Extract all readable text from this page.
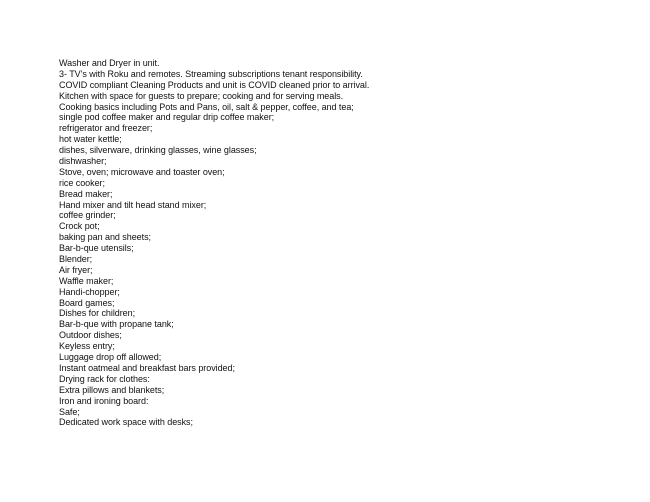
Washer and Dryer in unit.
3- TV’s with Roku and remotes. Streaming subscriptions tenant responsibility.
COVID compliant Cleaning Products and unit is COVID cleaned prior to arrival.
Kitchen with space for guests to prepare; cooking and for serving meals.
Cooking basics including Pots and Pans, oil, salt & pepper, coffee, and tea;
single pod coffee maker and regular drip coffee maker;
refrigerator and freezer;
hot water kettle;
dishes, silverware, drinking glasses, wine glasses;
dishwasher;
Stove, oven; microwave and toaster oven;
rice cooker;
Bread maker;
Hand mixer and tilt head stand mixer;
coffee grinder;
Crock pot;
baking pan and sheets;
Bar-b-que utensils;
Blender;
Air fryer;
Waffle maker;
Handi-chopper;
Board games;
Dishes for children;
Bar-b-que with propane tank;
Outdoor dishes;
Keyless entry;
Luggage drop off allowed;
Instant oatmeal and breakfast bars provided;
Drying rack for clothes:
Extra pillows and blankets;
Iron and ironing board:
Safe;
Dedicated work space with desks;
